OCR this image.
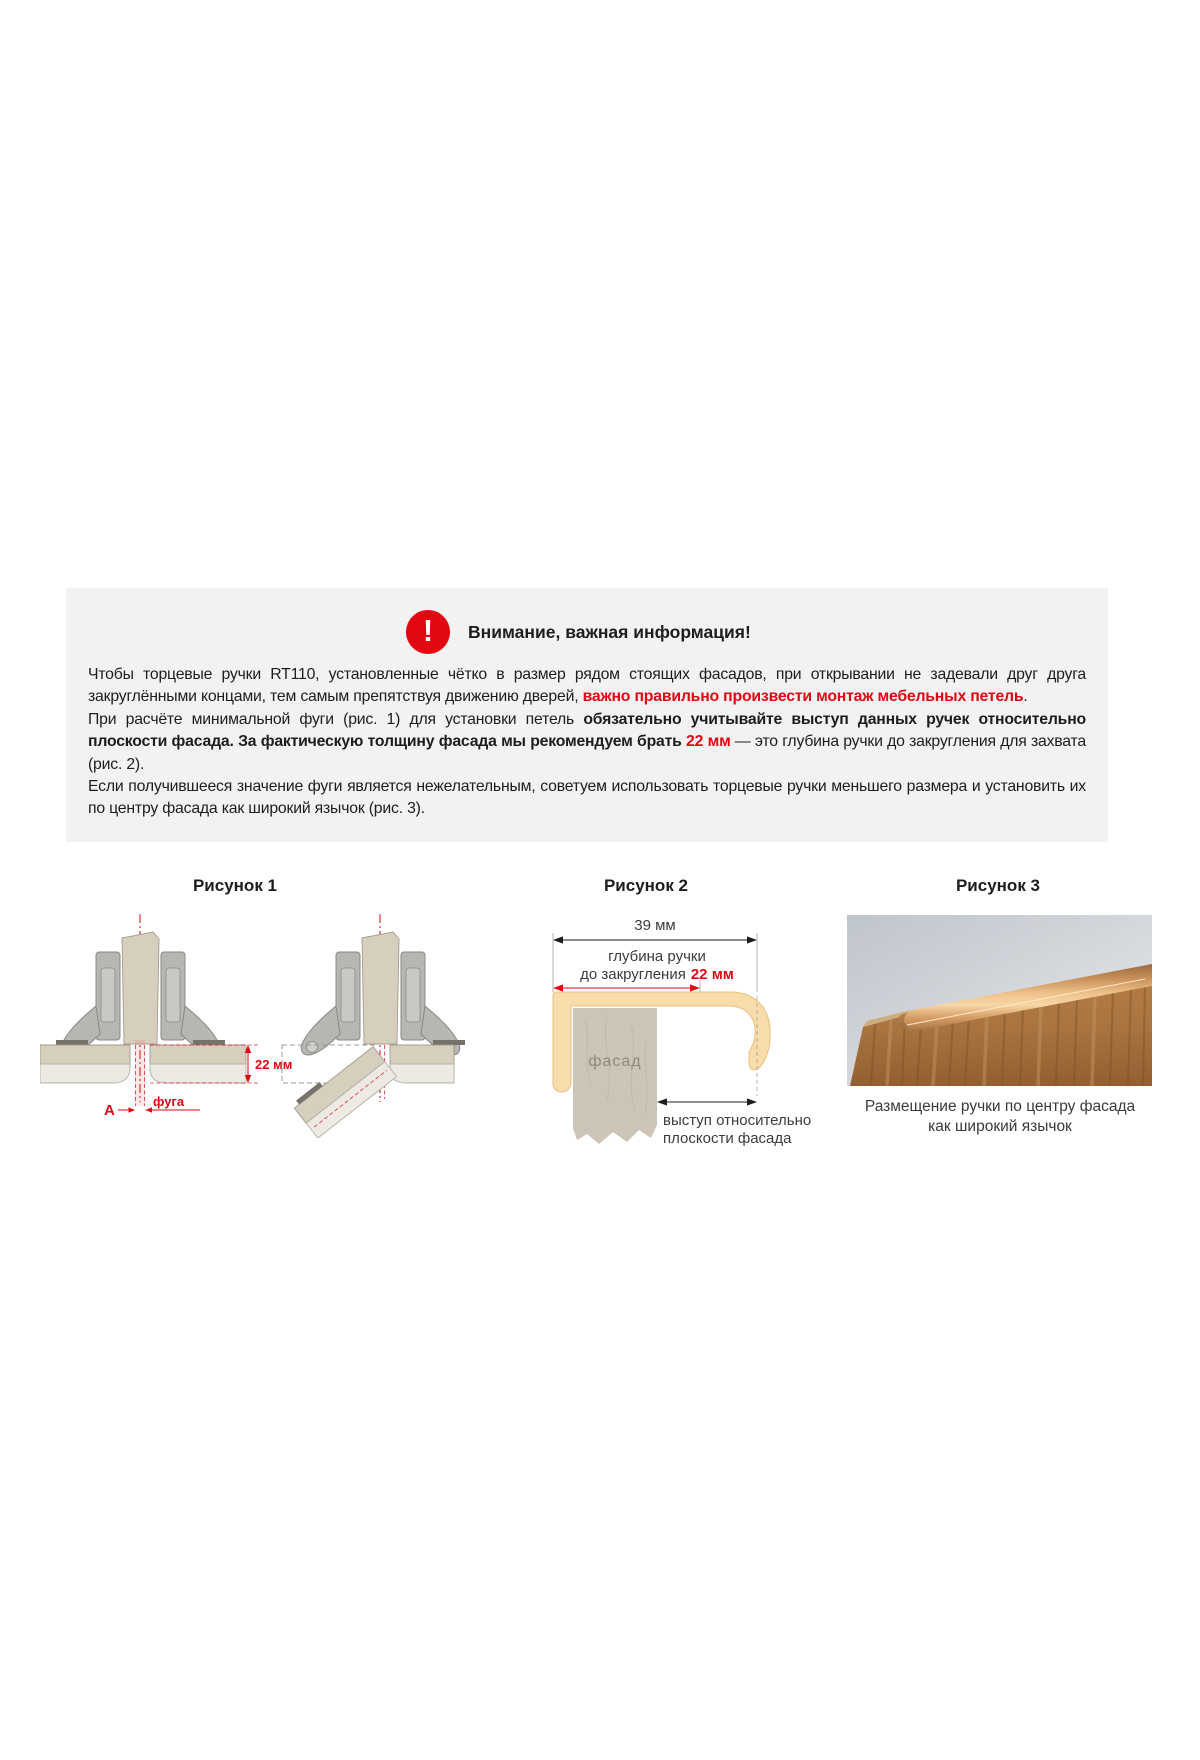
!	Внимание, важная информация!
Чтобы торцевые ручки RT110, установленные чётко в размер рядом стоящих фасадов, при открывании не задевали друг друга закруглёнными концами, тем самым препятствуя движению дверей, важно правильно произвести монтаж мебельных петель.
При расчёте минимальной фуги (рис. 1) для установки петель обязательно учитывайте выступ данных ручек относительно плоскости фасада. За фактическую толщину фасада мы рекомендуем брать 22 мм — это глубина ручки до закругления для захвата (рис. 2).
Если получившееся значение фуги является нежелательным, советуем использовать торцевые ручки меньшего размера и установить их по центру фасада как широкий язычок (рис. 3).
Рисунок 1	Рисунок 2	Рисунок 3
22 мм
A
фуга
39 мм
глубина ручки
до закругления 22 мм
фасад
выступ относительно
плоскости фасада
Размещение ручки по центру фасада
как широкий язычок
